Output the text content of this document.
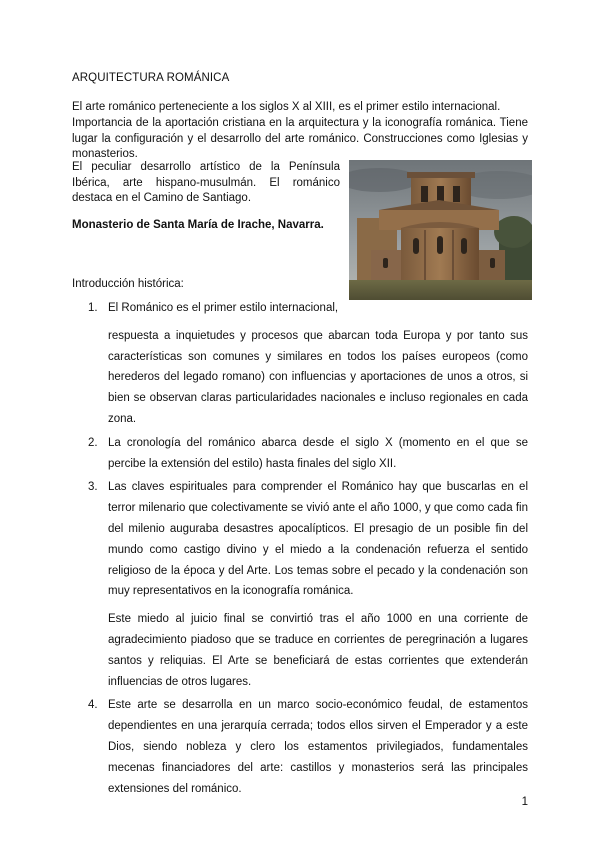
ARQUITECTURA ROMÁNICA
El arte románico perteneciente a los siglos X al XIII, es el primer estilo internacional.
Importancia de la aportación cristiana en la arquitectura y la iconografía románica. Tiene lugar la configuración y el desarrollo del arte románico. Construcciones como Iglesias y monasterios.
El peculiar desarrollo artístico de la Península Ibérica, arte hispano-musulmán. El románico destaca en el Camino de Santiago.
Monasterio de Santa María de Irache, Navarra.
Introducción histórica:
1. El Románico es el primer estilo internacional,

respuesta a inquietudes y procesos que abarcan toda Europa y por tanto sus características son comunes y similares en todos los países europeos (como herederos del legado romano) con influencias y aportaciones de unos a otros, si bien se observan claras particularidades nacionales e incluso regionales en cada zona.

2. La cronología del románico abarca desde el siglo X (momento en el que se percibe la extensión del estilo) hasta finales del siglo XII.

3. Las claves espirituales para comprender el Románico hay que buscarlas en el terror milenario que colectivamente se vivió ante el año 1000, y que como cada fin del milenio auguraba desastres apocalípticos. El presagio de un posible fin del mundo como castigo divino y el miedo a la condenación refuerza el sentido religioso de la época y del Arte. Los temas sobre el pecado y la condenación son muy representativos en la iconografía románica.

Este miedo al juicio final se convirtió tras el año 1000 en una corriente de agradecimiento piadoso que se traduce en corrientes de peregrinación a lugares santos y reliquias. El Arte se beneficiará de estas corrientes que extenderán influencias de otros lugares.

4. Este arte se desarrolla en un marco socio-económico feudal, de estamentos dependientes en una jerarquía cerrada; todos ellos sirven el Emperador y a este Dios, siendo nobleza y clero los estamentos privilegiados, fundamentales mecenas financiadores del arte: castillos y monasterios será las principales extensiones del románico.

1
